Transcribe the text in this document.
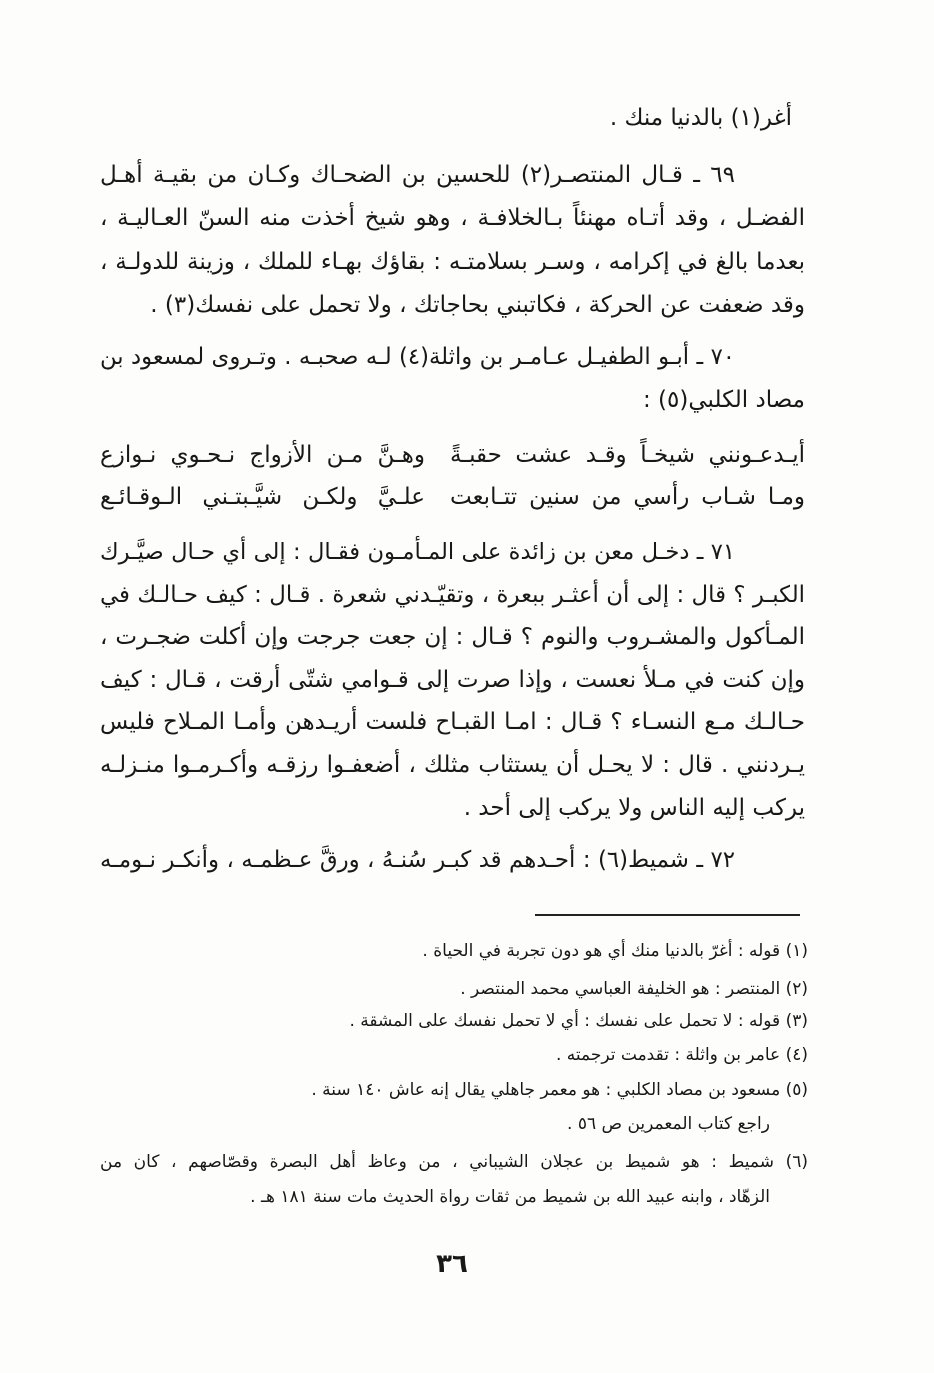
أغر(١) بالدنيا منك .
٦٩ ـ قـال المنتصـر(٢) للحسين بن الضحـاك وكـان من بقيـة أهـل
الفضـل ، وقد أتـاه مهنئاً بـالخلافـة ، وهو شيخ أخذت منه السنّ العـاليـة ،
بعدما بالغ في إكرامه ، وسـر بسلامتـه : بقاؤك بهـاء للملك ، وزينة للدولـة ،
وقد ضعفت عن الحركة ، فكاتبني بحاجاتك ، ولا تحمل على نفسك(٣) .
٧٠ ـ أبـو الطفيـل عـامـر بن واثلة(٤) لـه صحبـه . وتـروى لمسعود بن
مصاد الكلبي(٥) :
أيـدعـونني شيخـاً وقـد عشت حقبـةً
وهـنَّ مـن الأزواج نـحـوي نـوازع
ومـا شـاب رأسي من سنين تتـابعت
علـيَّ ولكـن شيَّـبتـني الـوقـائـع
٧١ ـ دخـل معن بن زائدة على المـأمـون فقـال : إلى أي حـال صيَّـرك
الكبـر ؟ قال : إلى أن أعثـر ببعرة ، وتقيّـدني شعرة . قـال : كيف حـالـك في
المـأكول والمشـروب والنوم ؟ قـال : إن جعت جرجت وإن أكلت ضجـرت ،
وإن كنت في مـلأ نعست ، وإذا صرت إلى قـوامي شتّى أرقت ، قـال : كيف
حـالـك مـع النسـاء ؟ قـال : امـا القبـاح فلست أريـدهن وأمـا المـلاح فليس
يـردنني . قال : لا يحـل أن يستثاب مثلك ، أضعفـوا رزقـه وأكـرمـوا منـزلـه
يركب إليه الناس ولا يركب إلى أحد .
٧٢ ـ شميط(٦) : أحـدهم قد كبـر سُنـهُ ، ورقَّ عـظمـه ، وأنكـر نـومـه
(١) قوله : أغرّ بالدنيا منك أي هو دون تجربة في الحياة .
(٢) المنتصر : هو الخليفة العباسي محمد المنتصر .
(٣) قوله : لا تحمل على نفسك : أي لا تحمل نفسك على المشقة .
(٤) عامر بن واثلة : تقدمت ترجمته .
(٥) مسعود بن مصاد الكلبي : هو معمر جاهلي يقال إنه عاش ١٤٠ سنة .
راجع كتاب المعمرين ص ٥٦ .
(٦) شميط : هو شميط بن عجلان الشيباني ، من وعاظ أهل البصرة وقصّاصهم ، كان من
الزهّاد ، وابنه عبيد الله بن شميط من ثقات رواة الحديث مات سنة ١٨١ هـ .
٣٦
